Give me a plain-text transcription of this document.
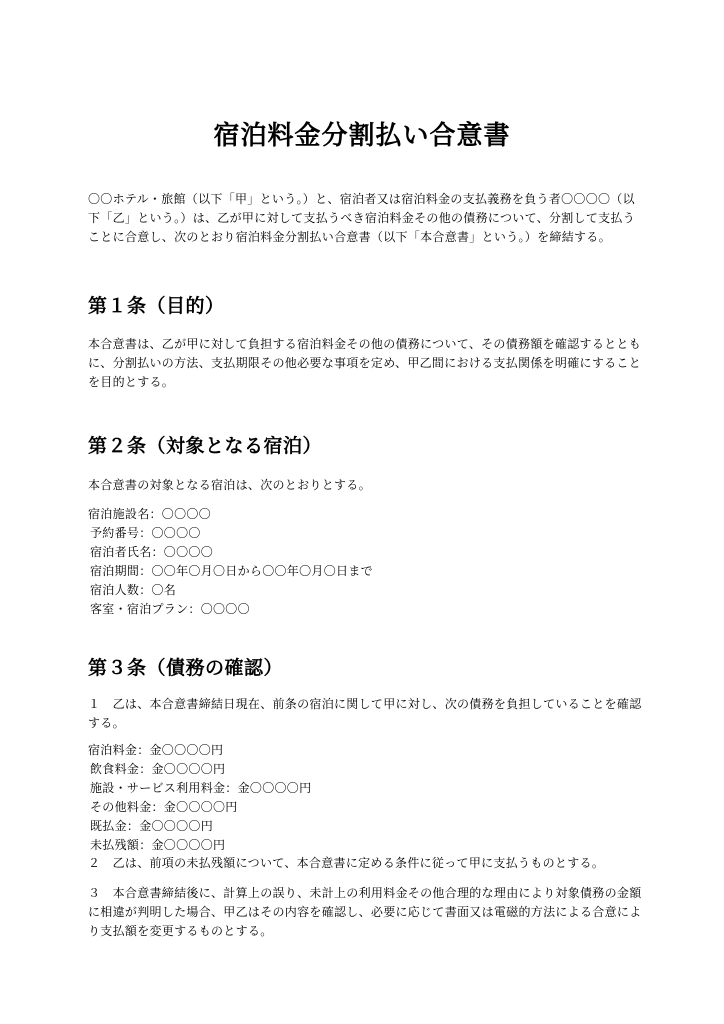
宿泊料金分割払い合意書

〇〇ホテル・旅館（以下「甲」という。）と、宿泊者又は宿泊料金の支払義務を負う者〇〇〇〇（以

下「乙」という。）は、乙が甲に対して支払うべき宿泊料金その他の債務について、分割して支払う

ことに合意し、次のとおり宿泊料金分割払い合意書（以下「本合意書」という。）を締結する。

第１条（目的）

本合意書は、乙が甲に対して負担する宿泊料金その他の債務について、その債務額を確認するととも

に、分割払いの方法、支払期限その他必要な事項を定め、甲乙間における支払関係を明確にすること

を目的とする。

第２条（対象となる宿泊）

本合意書の対象となる宿泊は、次のとおりとする。

宿泊施設名：〇〇〇〇
予約番号：〇〇〇〇
宿泊者氏名：〇〇〇〇
宿泊期間：〇〇年〇月〇日から〇〇年〇月〇日まで
宿泊人数：〇名
客室・宿泊プラン：〇〇〇〇
第３条（債務の確認）

１　乙は、本合意書締結日現在、前条の宿泊に関して甲に対し、次の債務を負担していることを確認

する。

宿泊料金：金〇〇〇〇円
飲食料金：金〇〇〇〇円
施設・サービス利用料金：金〇〇〇〇円
その他料金：金〇〇〇〇円
既払金：金〇〇〇〇円
未払残額：金〇〇〇〇円

２　乙は、前項の未払残額について、本合意書に定める条件に従って甲に支払うものとする。

３　本合意書締結後に、計算上の誤り、未計上の利用料金その他合理的な理由により対象債務の金額

に相違が判明した場合、甲乙はその内容を確認し、必要に応じて書面又は電磁的方法による合意によ

り支払額を変更するものとする。
